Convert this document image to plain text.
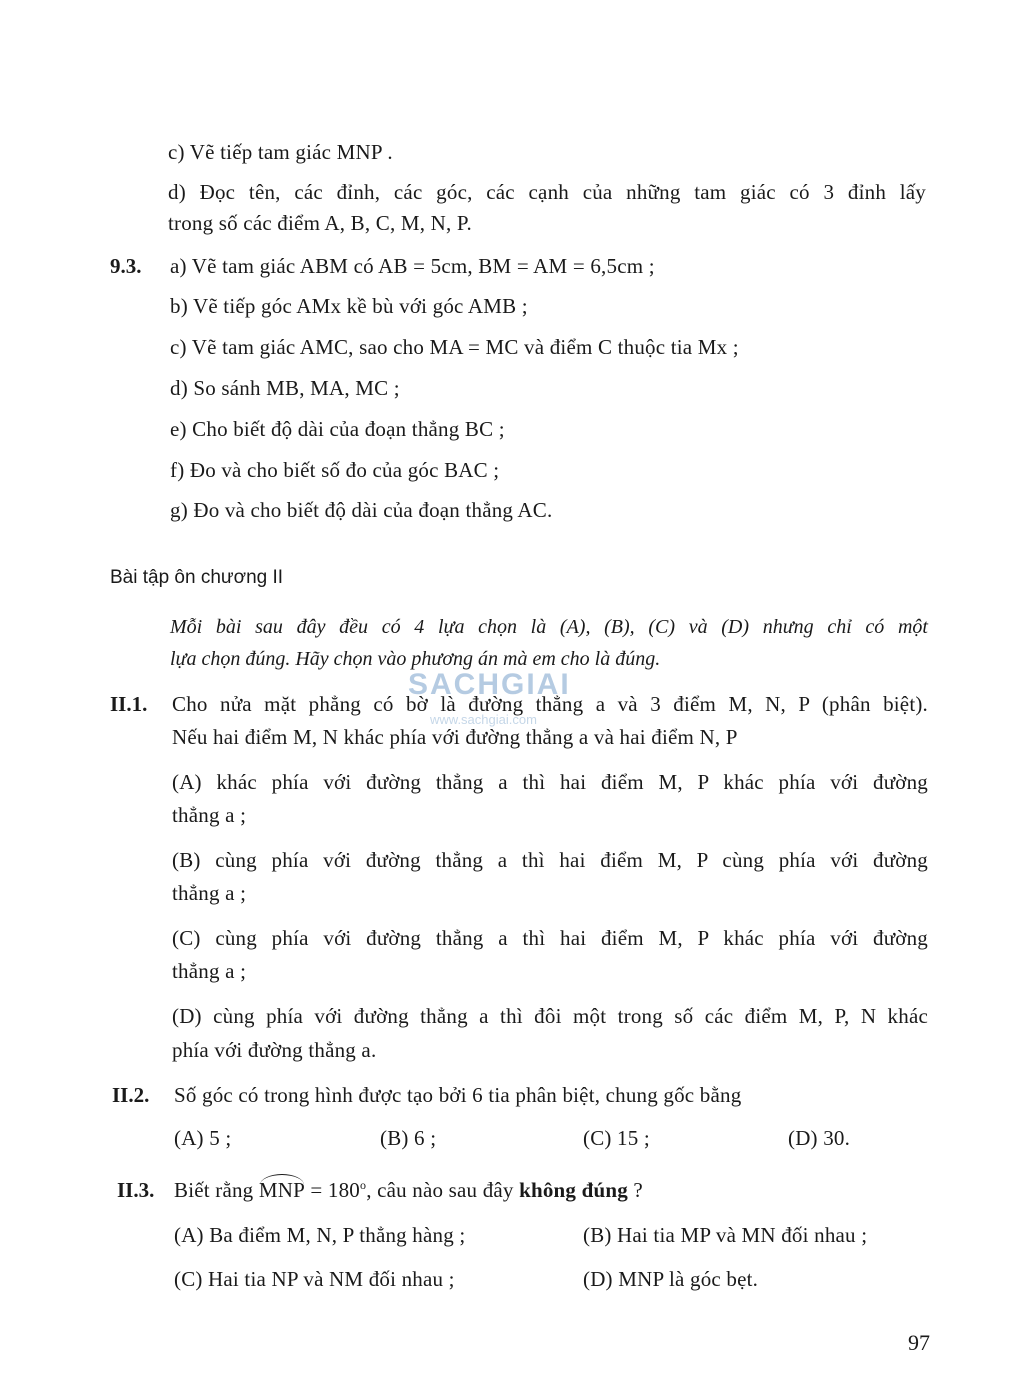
c) Vẽ tiếp tam giác MNP .
d) Đọc tên, các đỉnh, các góc, các cạnh của những tam giác có 3 đỉnh lấy
trong số các điểm A, B, C, M, N, P.
9.3. a) Vẽ tam giác ABM có AB = 5cm, BM = AM = 6,5cm ;
b) Vẽ tiếp góc AMx kề bù với góc AMB ;
c) Vẽ tam giác AMC, sao cho MA = MC và điểm C thuộc tia Mx ;
d) So sánh MB, MA, MC ;
e) Cho biết độ dài của đoạn thẳng BC ;
f) Đo và cho biết số đo của góc BAC ;
g) Đo và cho biết độ dài của đoạn thẳng AC.
Bài tập ôn chương II
Mỗi bài sau đây đều có 4 lựa chọn là (A), (B), (C) và (D) nhưng chỉ có một
lựa chọn đúng. Hãy chọn vào phương án mà em cho là đúng.
SACHGIAI
www.sachgiai.com
II.1. Cho nửa mặt phẳng có bờ là đường thẳng a và 3 điểm M, N, P (phân biệt).
Nếu hai điểm M, N khác phía với đường thẳng a và hai điểm N, P
(A) khác phía với đường thẳng a thì hai điểm M, P khác phía với đường
thẳng a ;
(B) cùng phía với đường thẳng a thì hai điểm M, P cùng phía với đường
thẳng a ;
(C) cùng phía với đường thẳng a thì hai điểm M, P khác phía với đường
thẳng a ;
(D) cùng phía với đường thẳng a thì đôi một trong số các điểm M, P, N khác
phía với đường thẳng a.
II.2. Số góc có trong hình được tạo bởi 6 tia phân biệt, chung gốc bằng
(A) 5 ;	(B) 6 ;	(C) 15 ;	(D) 30.
II.3. Biết rằng MNP = $180^o$, câu nào sau đây không đúng ?
(A) Ba điểm M, N, P thẳng hàng ;	(B) Hai tia MP và MN đối nhau ;
(C) Hai tia NP và NM đối nhau ;	(D) MNP là góc bẹt.
97
